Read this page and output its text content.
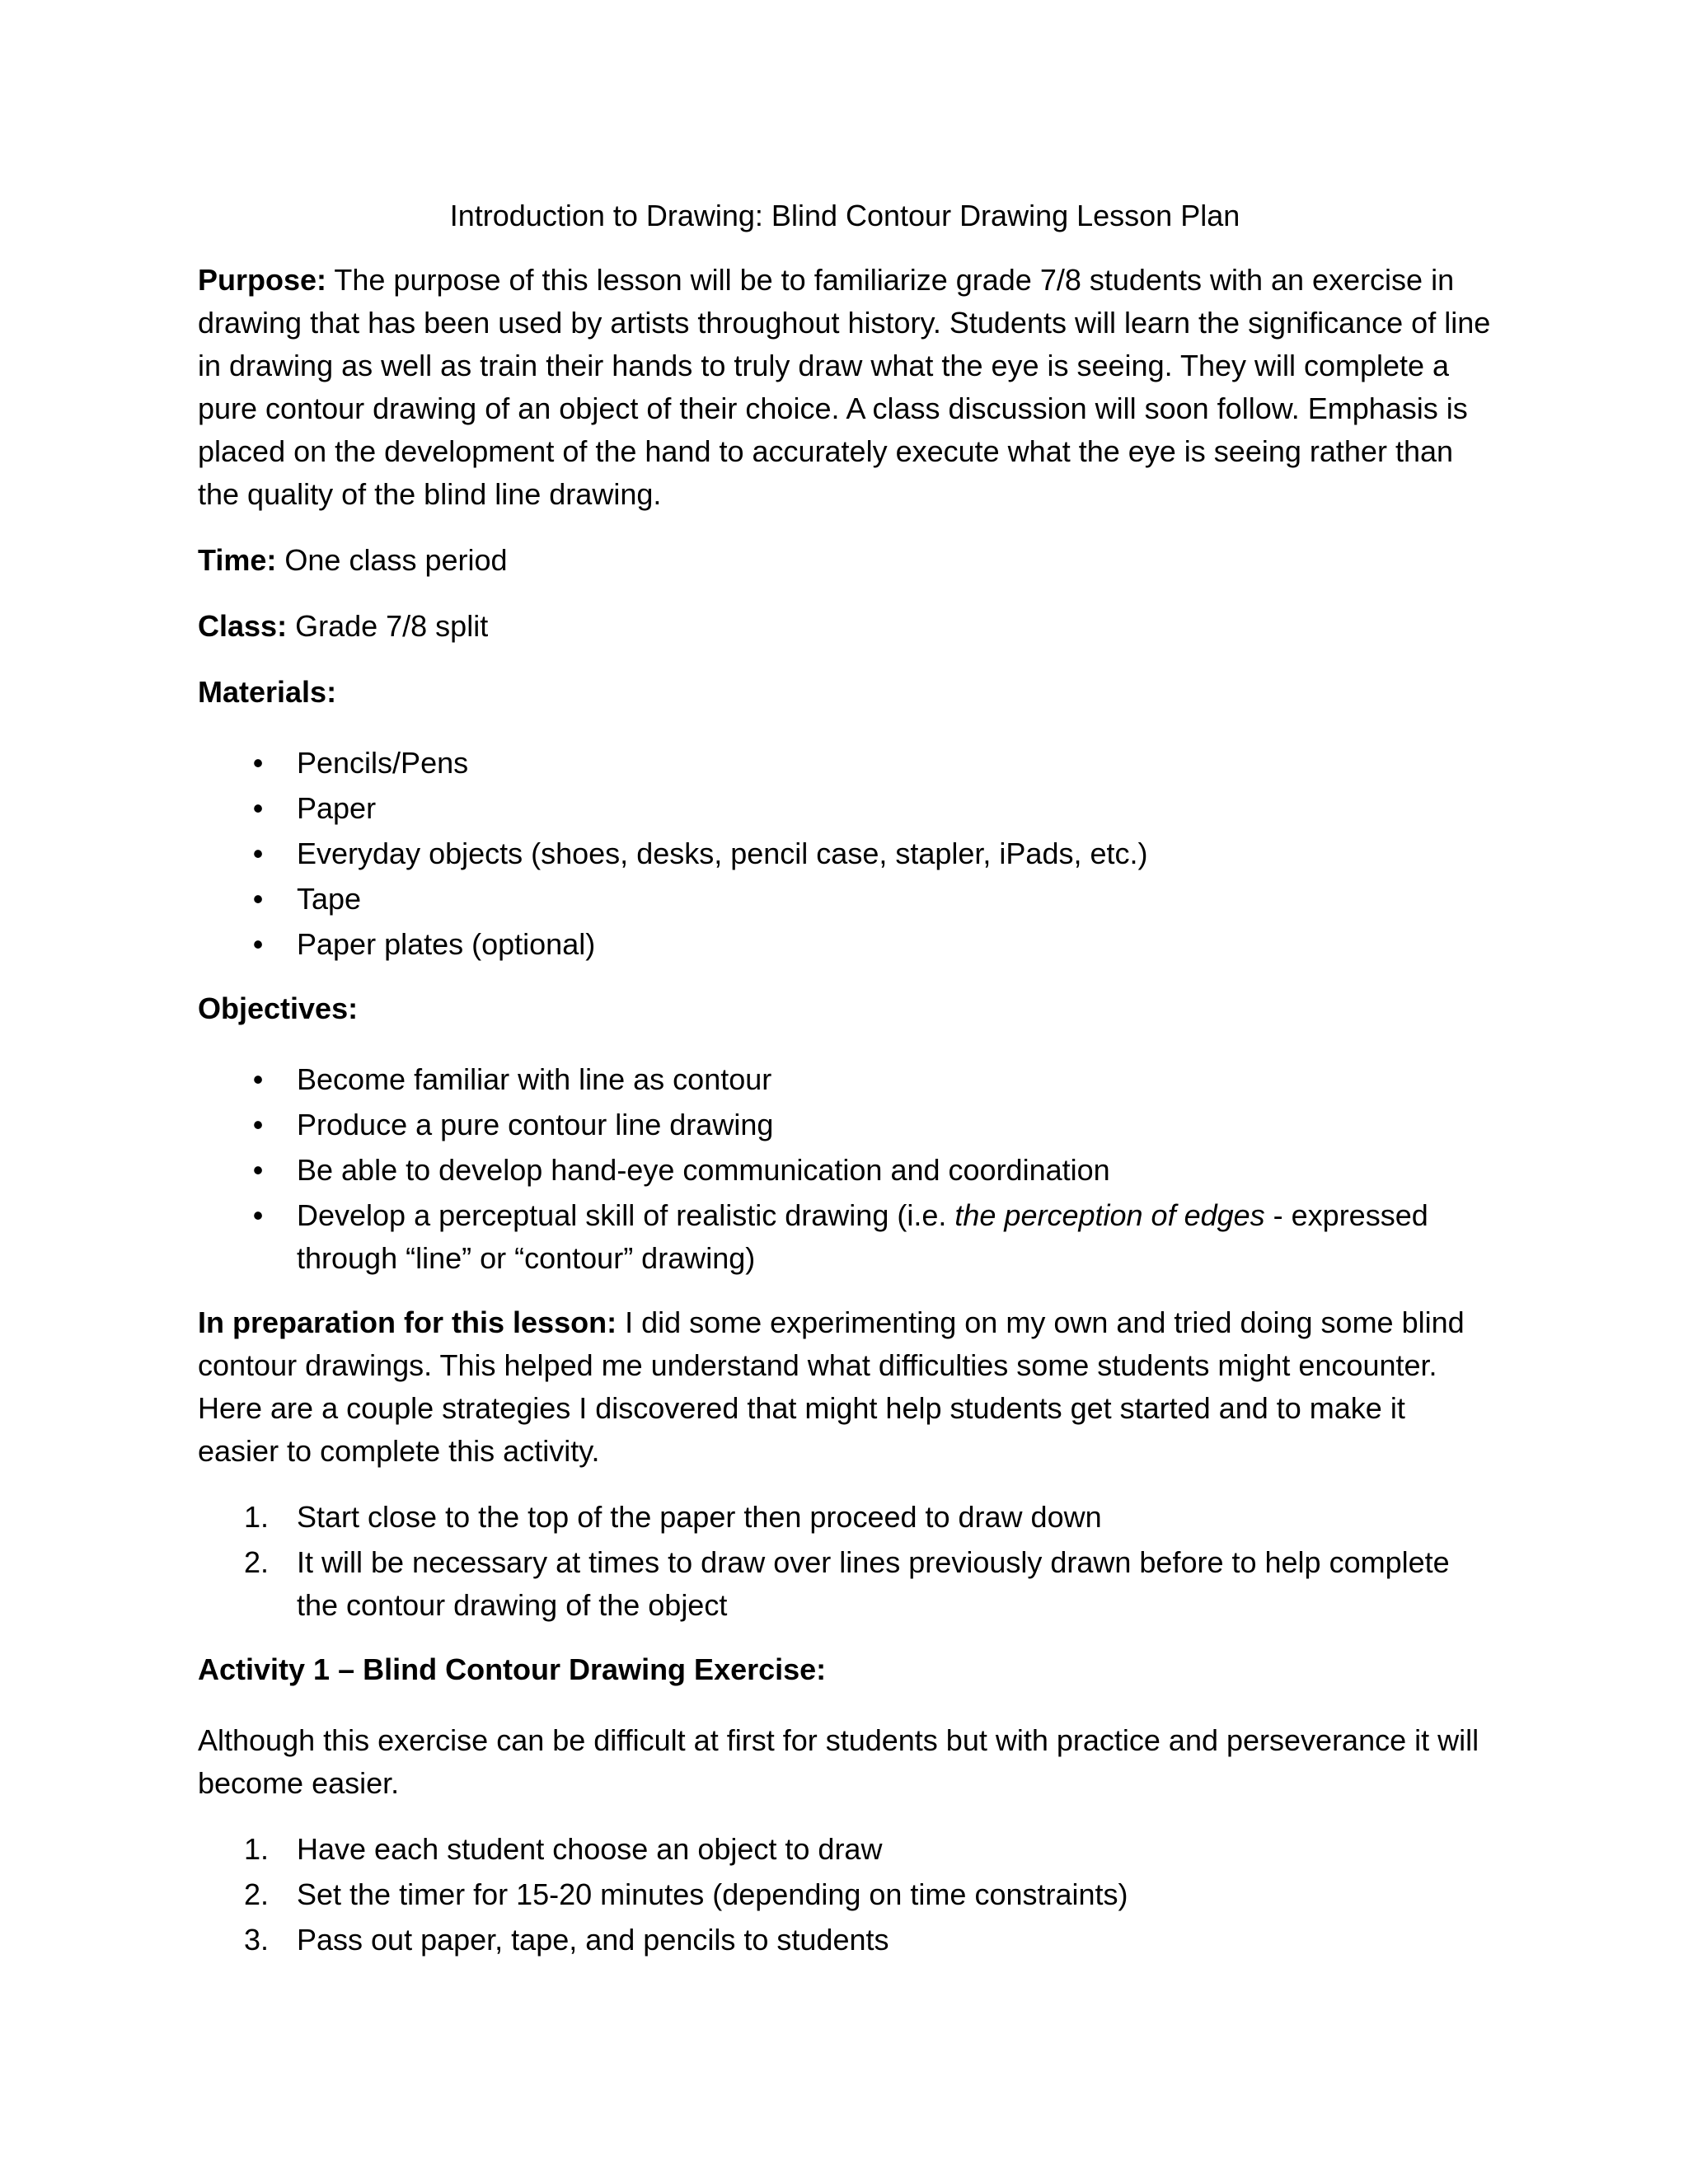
Introduction to Drawing: Blind Contour Drawing Lesson Plan

Purpose: The purpose of this lesson will be to familiarize grade 7/8 students with an exercise in drawing that has been used by artists throughout history. Students will learn the significance of line in drawing as well as train their hands to truly draw what the eye is seeing. They will complete a pure contour drawing of an object of their choice. A class discussion will soon follow. Emphasis is placed on the development of the hand to accurately execute what the eye is seeing rather than the quality of the blind line drawing.

Time: One class period

Class: Grade 7/8 split

Materials:
• Pencils/Pens
• Paper
• Everyday objects (shoes, desks, pencil case, stapler, iPads, etc.)
• Tape
• Paper plates (optional)
Objectives:
• Become familiar with line as contour
• Produce a pure contour line drawing
• Be able to develop hand-eye communication and coordination
• Develop a perceptual skill of realistic drawing (i.e. the perception of edges - expressed through “line” or “contour” drawing)

In preparation for this lesson: I did some experimenting on my own and tried doing some blind contour drawings. This helped me understand what difficulties some students might encounter. Here are a couple strategies I discovered that might help students get started and to make it easier to complete this activity.

1. Start close to the top of the paper then proceed to draw down
2. It will be necessary at times to draw over lines previously drawn before to help complete the contour drawing of the object
Activity 1 – Blind Contour Drawing Exercise:

Although this exercise can be difficult at first for students but with practice and perseverance it will become easier.

1. Have each student choose an object to draw
2. Set the timer for 15-20 minutes (depending on time constraints)
3. Pass out paper, tape, and pencils to students
